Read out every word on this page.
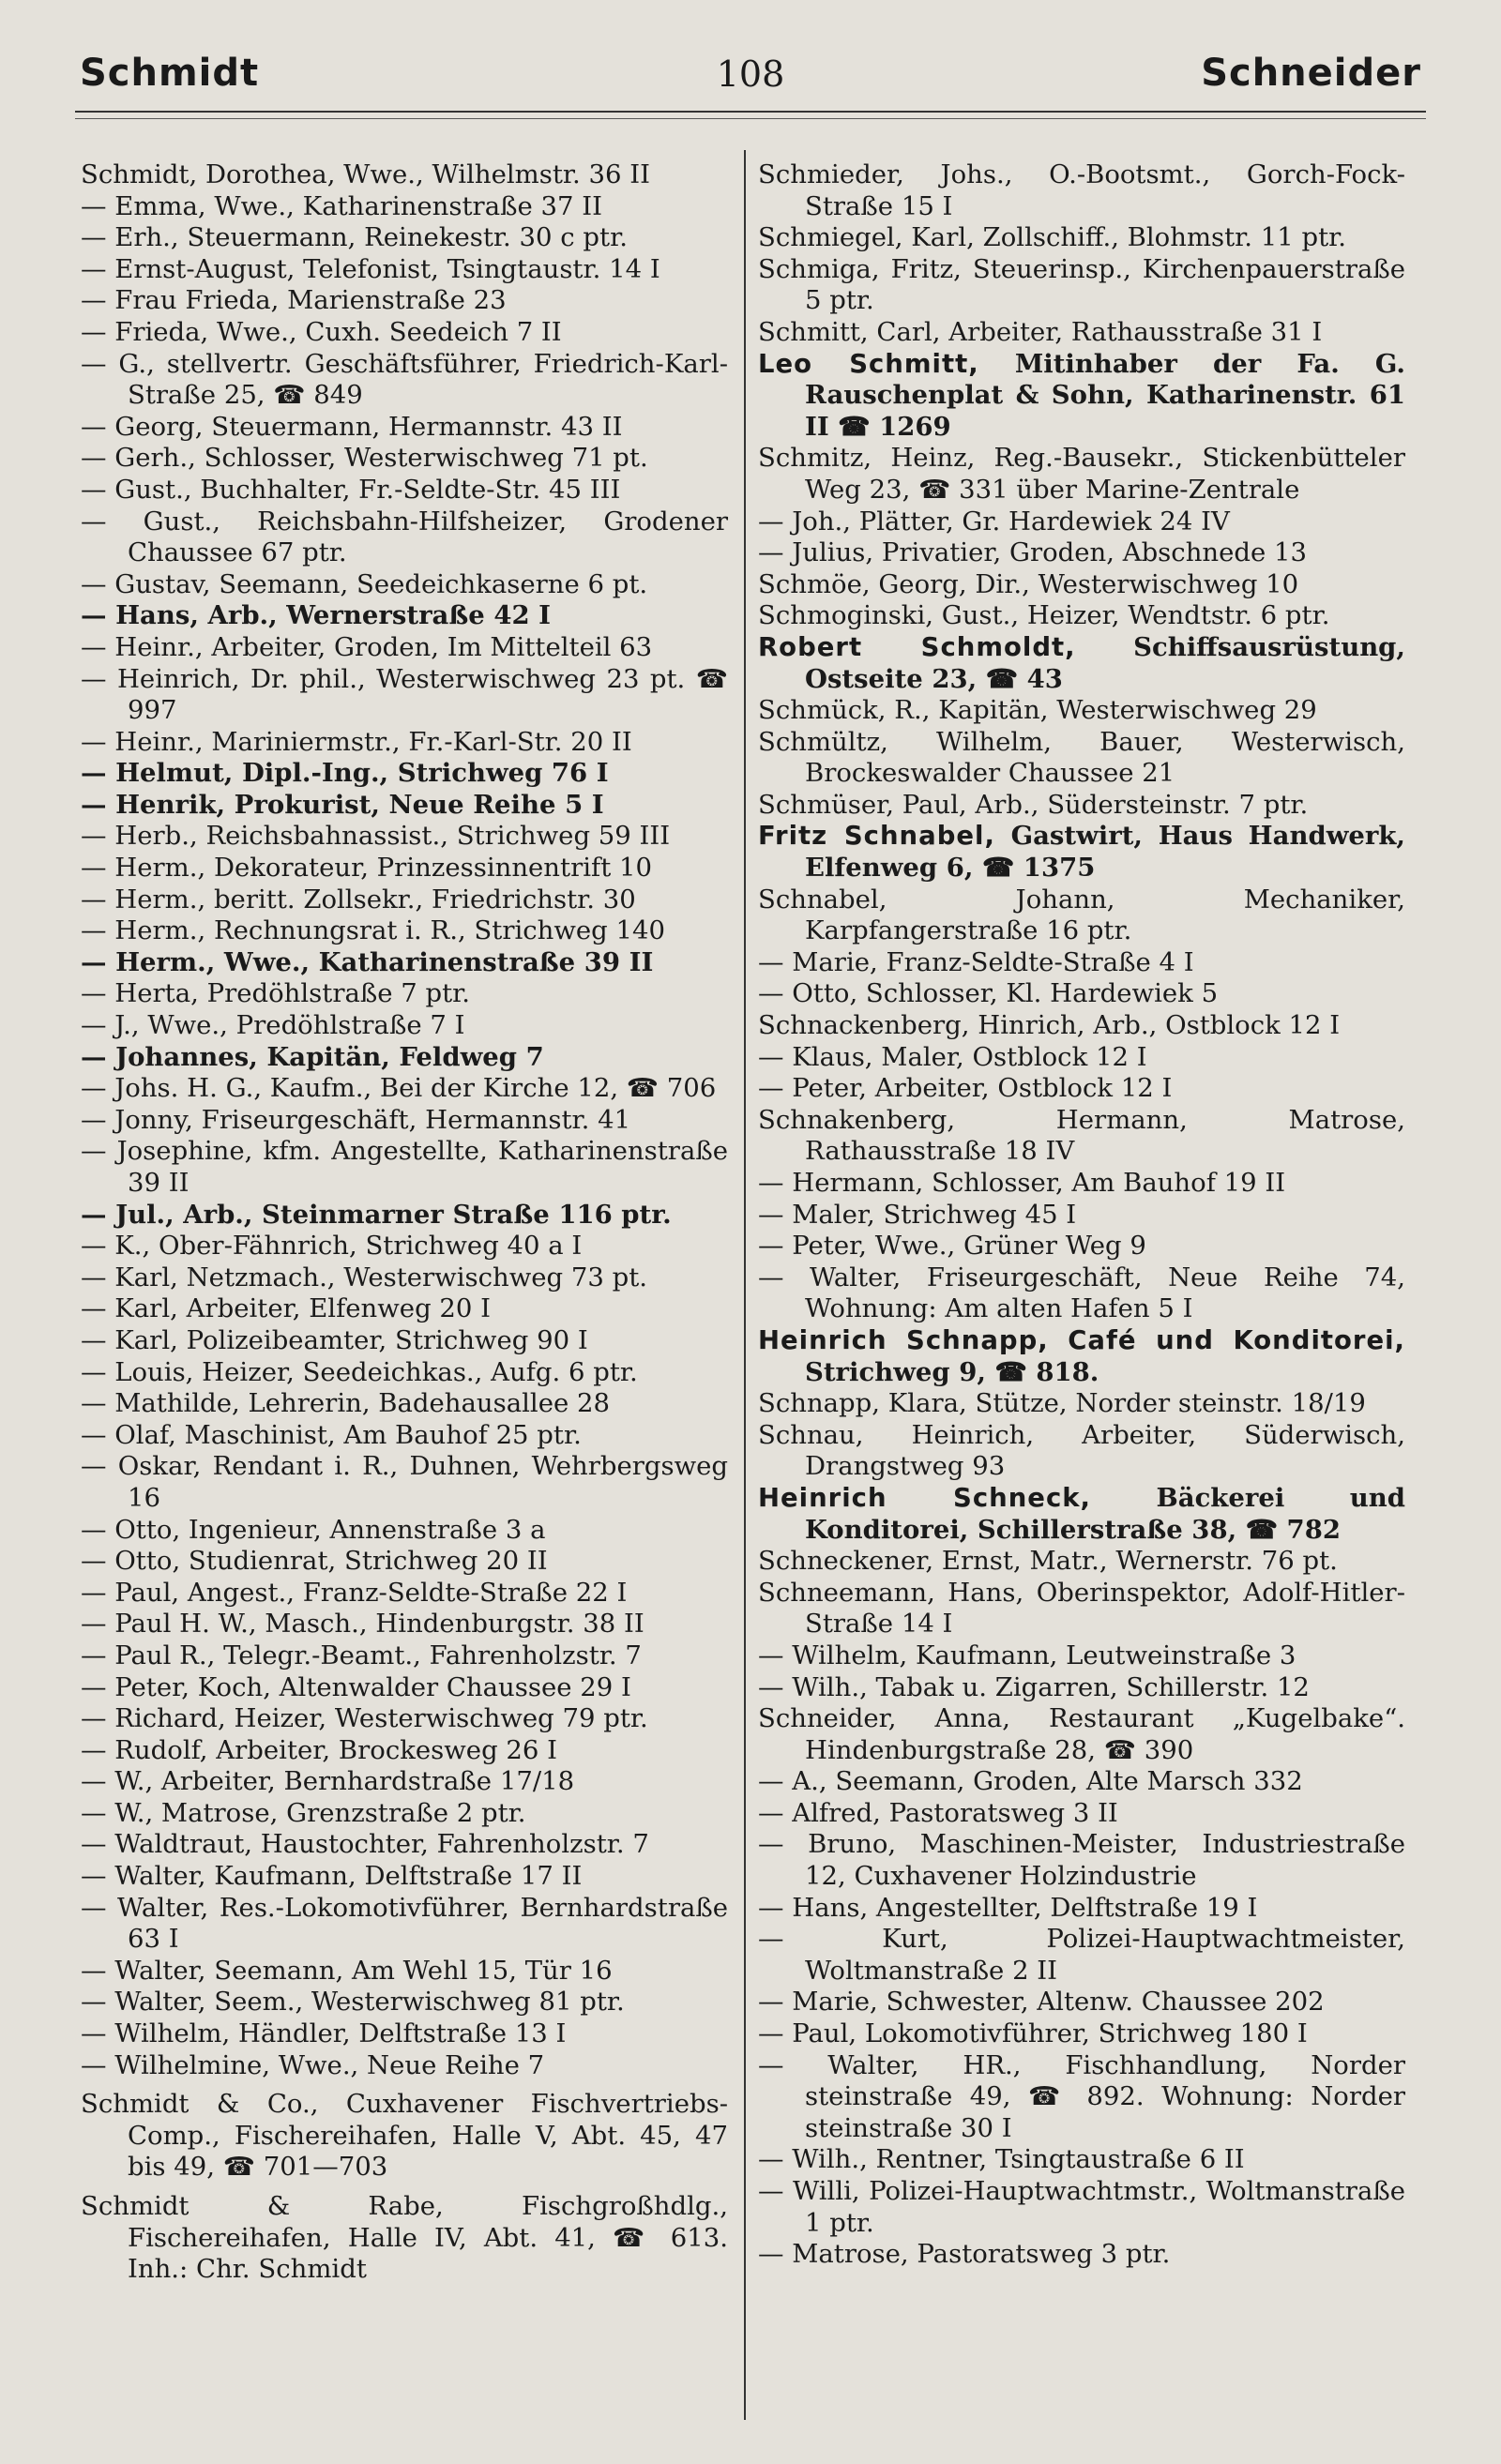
Schmidt	108	Schneider
Schmidt, Dorothea, Wwe., Wilhelmstr. 36 II
— Emma, Wwe., Katharinenstraße 37 II
— Erh., Steuermann, Reinekestr. 30 c ptr.
— Ernst-August, Telefonist, Tsingtaustr. 14 I
— Frau Frieda, Marienstraße 23
— Frieda, Wwe., Cuxh. Seedeich 7 II
— G., stellvertr. Geschäftsführer, Friedrich-Karl-Straße 25, ☎ 849
— Georg, Steuermann, Hermannstr. 43 II
— Gerh., Schlosser, Westerwischweg 71 pt.
— Gust., Buchhalter, Fr.-Seldte-Str. 45 III
— Gust., Reichsbahn-Hilfsheizer, Grodener Chaussee 67 ptr.
— Gustav, Seemann, Seedeichkaserne 6 pt.
— Hans, Arb., Wernerstraße 42 I
— Heinr., Arbeiter, Groden, Im Mittelteil 63
— Heinrich, Dr. phil., Westerwischweg 23 pt. ☎ 997
— Heinr., Mariniermstr., Fr.-Karl-Str. 20 II
— Helmut, Dipl.-Ing., Strichweg 76 I
— Henrik, Prokurist, Neue Reihe 5 I
— Herb., Reichsbahnassist., Strichweg 59 III
— Herm., Dekorateur, Prinzessinnentrift 10
— Herm., beritt. Zollsekr., Friedrichstr. 30
— Herm., Rechnungsrat i. R., Strichweg 140
— Herm., Wwe., Katharinenstraße 39 II
— Herta, Predöhlstraße 7 ptr.
— J., Wwe., Predöhlstraße 7 I
— Johannes, Kapitän, Feldweg 7
— Johs. H. G., Kaufm., Bei der Kirche 12, ☎ 706
— Jonny, Friseurgeschäft, Hermannstr. 41
— Josephine, kfm. Angestellte, Katharinenstraße 39 II
— Jul., Arb., Steinmarner Straße 116 ptr.
— K., Ober-Fähnrich, Strichweg 40 a I
— Karl, Netzmach., Westerwischweg 73 pt.
— Karl, Arbeiter, Elfenweg 20 I
— Karl, Polizeibeamter, Strichweg 90 I
— Louis, Heizer, Seedeichkas., Aufg. 6 ptr.
— Mathilde, Lehrerin, Badehausallee 28
— Olaf, Maschinist, Am Bauhof 25 ptr.
— Oskar, Rendant i. R., Duhnen, Wehrbergsweg 16
— Otto, Ingenieur, Annenstraße 3 a
— Otto, Studienrat, Strichweg 20 II
— Paul, Angest., Franz-Seldte-Straße 22 I
— Paul H. W., Masch., Hindenburgstr. 38 II
— Paul R., Telegr.-Beamt., Fahrenholzstr. 7
— Peter, Koch, Altenwalder Chaussee 29 I
— Richard, Heizer, Westerwischweg 79 ptr.
— Rudolf, Arbeiter, Brockesweg 26 I
— W., Arbeiter, Bernhardstraße 17/18
— W., Matrose, Grenzstraße 2 ptr.
— Waldtraut, Haustochter, Fahrenholzstr. 7
— Walter, Kaufmann, Delftstraße 17 II
— Walter, Res.-Lokomotivführer, Bernhardstraße 63 I
— Walter, Seemann, Am Wehl 15, Tür 16
— Walter, Seem., Westerwischweg 81 ptr.
— Wilhelm, Händler, Delftstraße 13 I
— Wilhelmine, Wwe., Neue Reihe 7
Schmidt & Co., Cuxhavener Fischvertriebs-Comp., Fischereihafen, Halle V, Abt. 45, 47 bis 49, ☎ 701—703
Schmidt & Rabe, Fischgroßhdlg., Fischereihafen, Halle IV, Abt. 41, ☎ 613. Inh.: Chr. Schmidt
Schmieder, Johs., O.-Bootsmt., Gorch-Fock-Straße 15 I
Schmiegel, Karl, Zollschiff., Blohmstr. 11 ptr.
Schmiga, Fritz, Steuerinsp., Kirchenpauerstraße 5 ptr.
Schmitt, Carl, Arbeiter, Rathausstraße 31 I
Leo Schmitt, Mitinhaber der Fa. G. Rauschenplat & Sohn, Katharinenstr. 61 II ☎ 1269
Schmitz, Heinz, Reg.-Bausekr., Stickenbütteler Weg 23, ☎ 331 über Marine-Zentrale
— Joh., Plätter, Gr. Hardewiek 24 IV
— Julius, Privatier, Groden, Abschnede 13
Schmöe, Georg, Dir., Westerwischweg 10
Schmoginski, Gust., Heizer, Wendtstr. 6 ptr.
Robert Schmoldt, Schiffsausrüstung, Ostseite 23, ☎ 43
Schmück, R., Kapitän, Westerwischweg 29
Schmültz, Wilhelm, Bauer, Westerwisch, Brockeswalder Chaussee 21
Schmüser, Paul, Arb., Südersteinstr. 7 ptr.
Fritz Schnabel, Gastwirt, Haus Handwerk, Elfenweg 6, ☎ 1375
Schnabel, Johann, Mechaniker, Karpfangerstraße 16 ptr.
— Marie, Franz-Seldte-Straße 4 I
— Otto, Schlosser, Kl. Hardewiek 5
Schnackenberg, Hinrich, Arb., Ostblock 12 I
— Klaus, Maler, Ostblock 12 I
— Peter, Arbeiter, Ostblock 12 I
Schnakenberg, Hermann, Matrose, Rathausstraße 18 IV
— Hermann, Schlosser, Am Bauhof 19 II
— Maler, Strichweg 45 I
— Peter, Wwe., Grüner Weg 9
— Walter, Friseurgeschäft, Neue Reihe 74, Wohnung: Am alten Hafen 5 I
Heinrich Schnapp, Café und Konditorei, Strichweg 9, ☎ 818.
Schnapp, Klara, Stütze, Norder steinstr. 18/19
Schnau, Heinrich, Arbeiter, Süderwisch, Drangstweg 93
Heinrich Schneck, Bäckerei und Konditorei, Schillerstraße 38, ☎ 782
Schneckener, Ernst, Matr., Wernerstr. 76 pt.
Schneemann, Hans, Oberinspektor, Adolf-Hitler-Straße 14 I
— Wilhelm, Kaufmann, Leutweinstraße 3
— Wilh., Tabak u. Zigarren, Schillerstr. 12
Schneider, Anna, Restaurant „Kugelbake“. Hindenburgstraße 28, ☎ 390
— A., Seemann, Groden, Alte Marsch 332
— Alfred, Pastoratsweg 3 II
— Bruno, Maschinen-Meister, Industriestraße 12, Cuxhavener Holzindustrie
— Hans, Angestellter, Delftstraße 19 I
— Kurt, Polizei-Hauptwachtmeister, Woltmanstraße 2 II
— Marie, Schwester, Altenw. Chaussee 202
— Paul, Lokomotivführer, Strichweg 180 I
— Walter, HR., Fischhandlung, Norder steinstraße 49, ☎ 892. Wohnung: Norder steinstraße 30 I
— Wilh., Rentner, Tsingtaustraße 6 II
— Willi, Polizei-Hauptwachtmstr., Woltmanstraße 1 ptr.
— Matrose, Pastoratsweg 3 ptr.
